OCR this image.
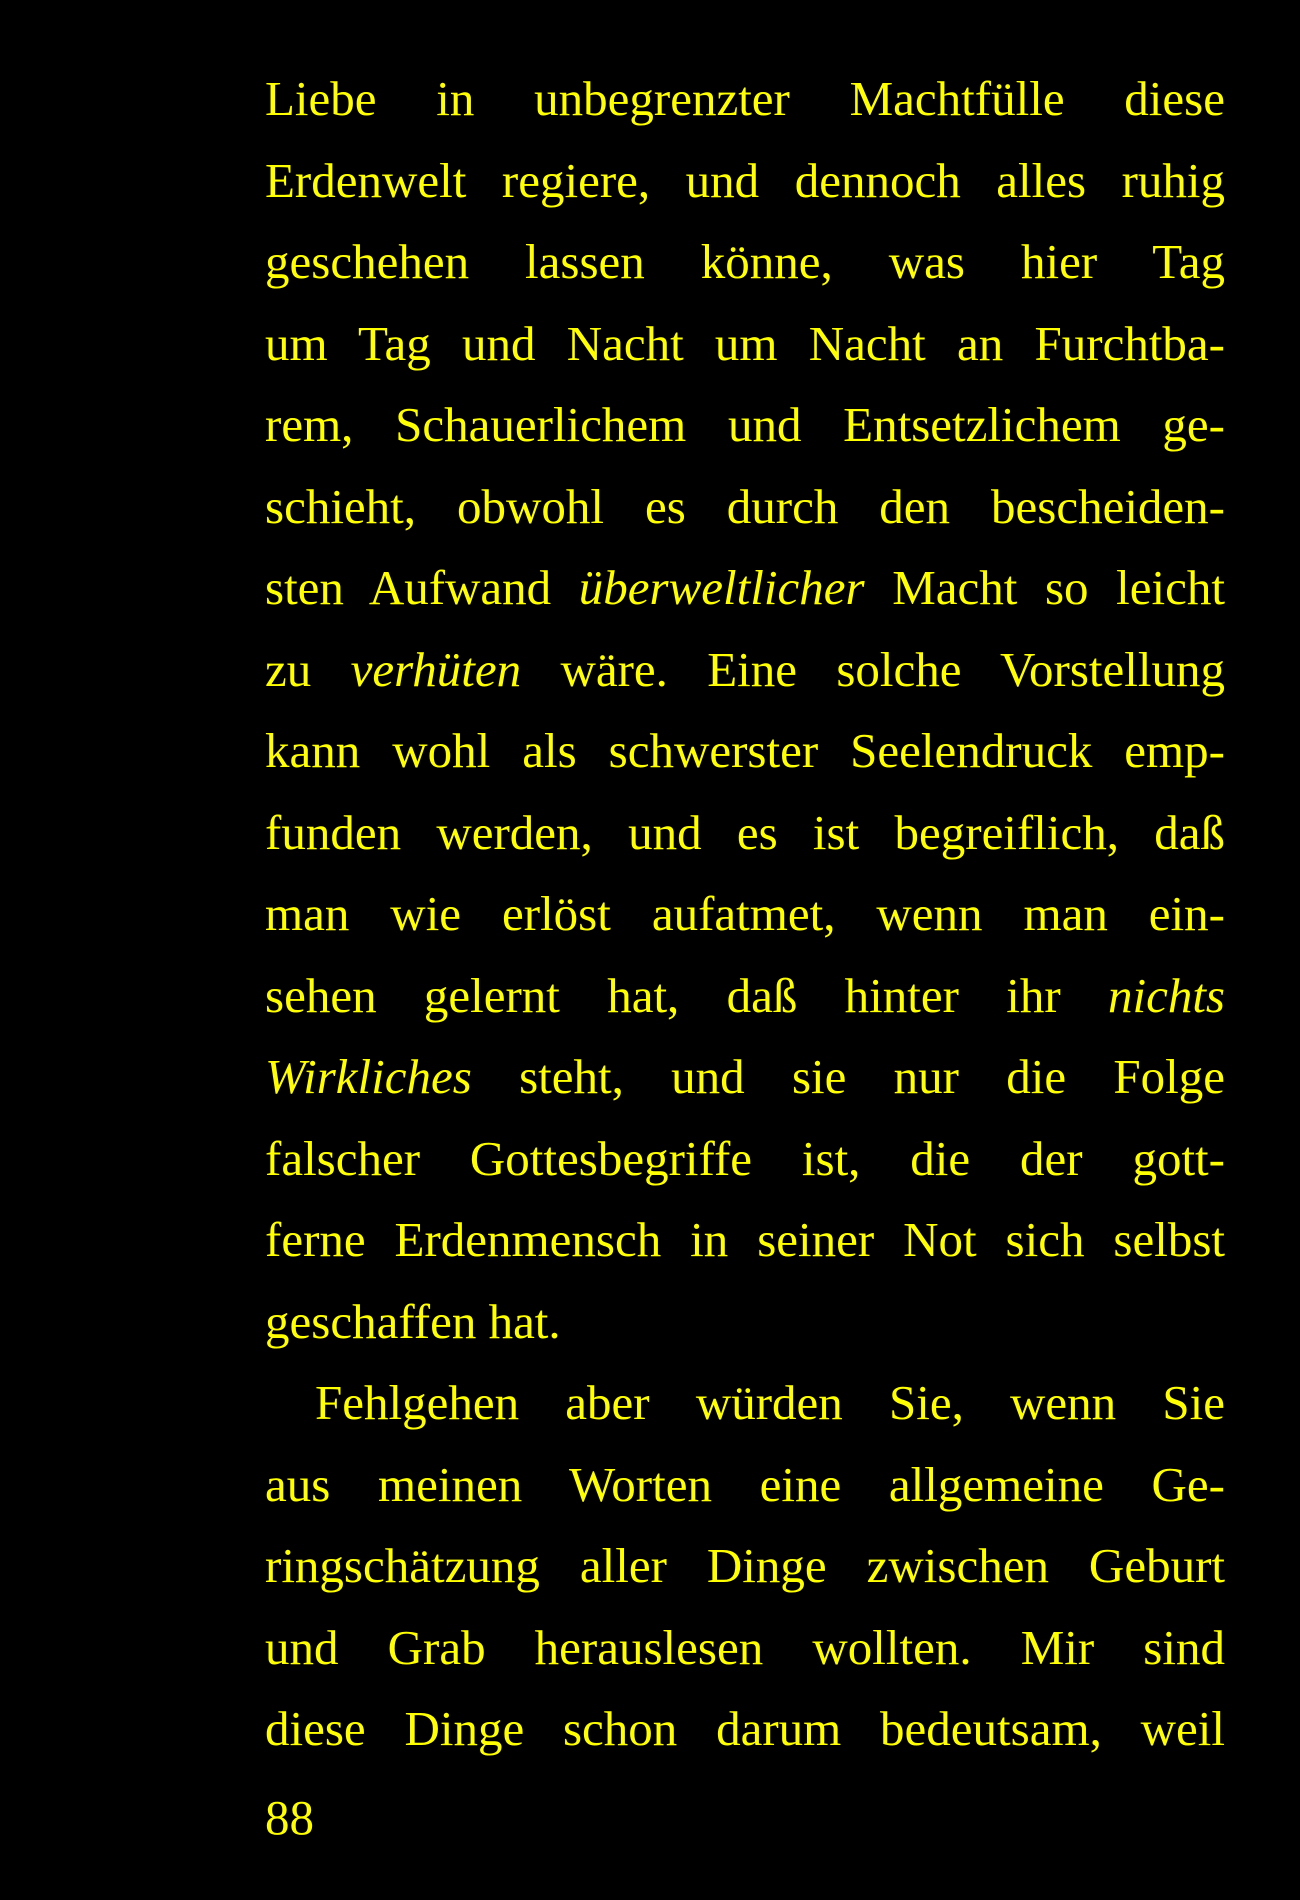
Liebe in unbegrenzter Machtfülle diese
Erdenwelt regiere, und dennoch alles ruhig
geschehen lassen könne, was hier Tag
um Tag und Nacht um Nacht an Furchtba-
rem, Schauerlichem und Entsetzlichem ge-
schieht, obwohl es durch den bescheiden-
sten Aufwand überweltlicher Macht so leicht
zu verhüten wäre. Eine solche Vorstellung
kann wohl als schwerster Seelendruck emp-
funden werden, und es ist begreiflich, daß
man wie erlöst aufatmet, wenn man ein-
sehen gelernt hat, daß hinter ihr nichts
Wirkliches steht, und sie nur die Folge
falscher Gottesbegriffe ist, die der gott-
ferne Erdenmensch in seiner Not sich selbst
geschaffen hat.
Fehlgehen aber würden Sie, wenn Sie
aus meinen Worten eine allgemeine Ge-
ringschätzung aller Dinge zwischen Geburt
und Grab herauslesen wollten. Mir sind
diese Dinge schon darum bedeutsam, weil
88
